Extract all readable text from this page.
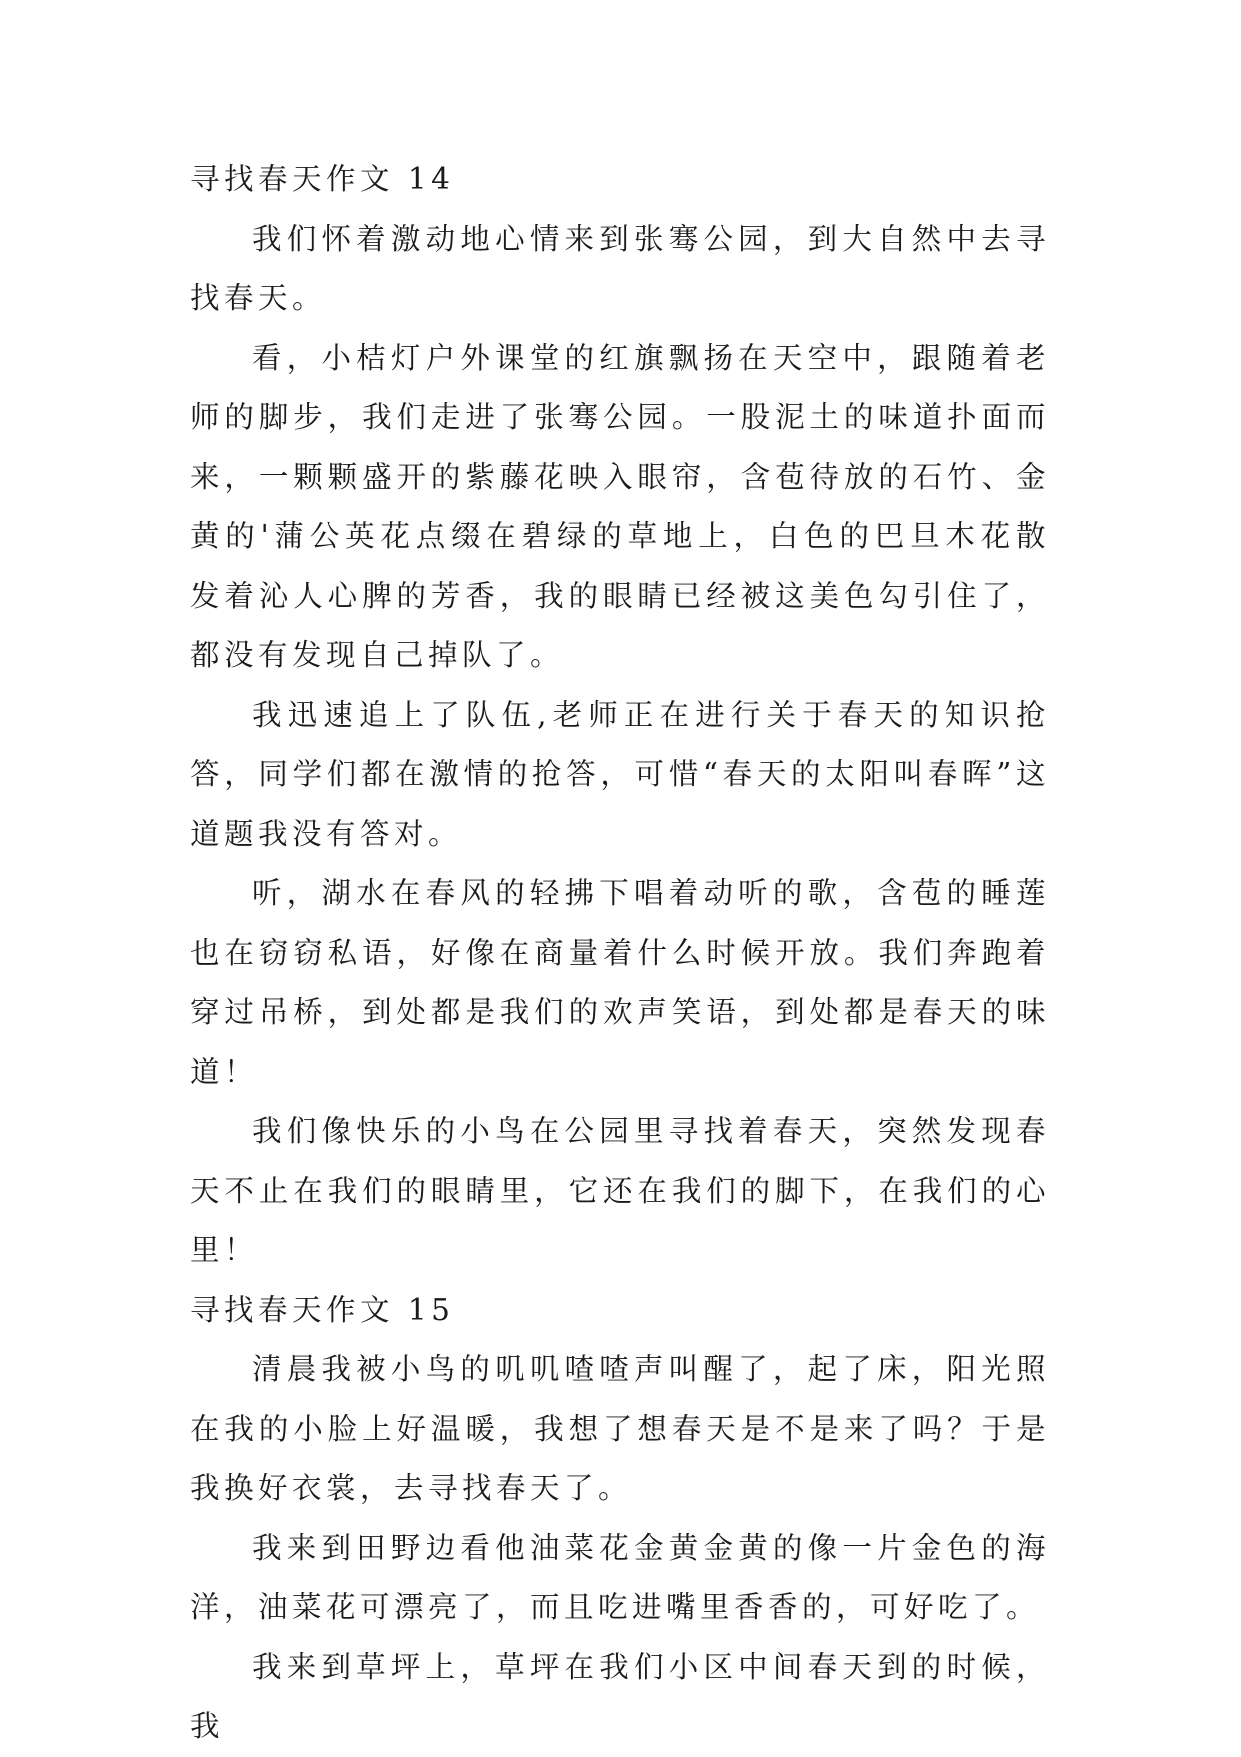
寻找春天作文 14

我们怀着激动地心情来到张骞公园，到大自然中去寻找春天。

看，小桔灯户外课堂的红旗飘扬在天空中，跟随着老师的脚步，我们走进了张骞公园。一股泥土的味道扑面而来，一颗颗盛开的紫藤花映入眼帘，含苞待放的石竹、金黄的'蒲公英花点缀在碧绿的草地上，白色的巴旦木花散发着沁人心脾的芳香，我的眼睛已经被这美色勾引住了，都没有发现自己掉队了。

我迅速追上了队伍,老师正在进行关于春天的知识抢答，同学们都在激情的抢答，可惜“春天的太阳叫春晖”这道题我没有答对。

听，湖水在春风的轻拂下唱着动听的歌，含苞的睡莲也在窃窃私语，好像在商量着什么时候开放。我们奔跑着穿过吊桥，到处都是我们的欢声笑语，到处都是春天的味道！

我们像快乐的小鸟在公园里寻找着春天，突然发现春天不止在我们的眼睛里，它还在我们的脚下，在我们的心里！

寻找春天作文 15

清晨我被小鸟的叽叽喳喳声叫醒了，起了床，阳光照在我的小脸上好温暖，我想了想春天是不是来了吗？于是我换好衣裳，去寻找春天了。

我来到田野边看他油菜花金黄金黄的像一片金色的海洋，油菜花可漂亮了，而且吃进嘴里香香的，可好吃了。

我来到草坪上，草坪在我们小区中间春天到的时候，我
